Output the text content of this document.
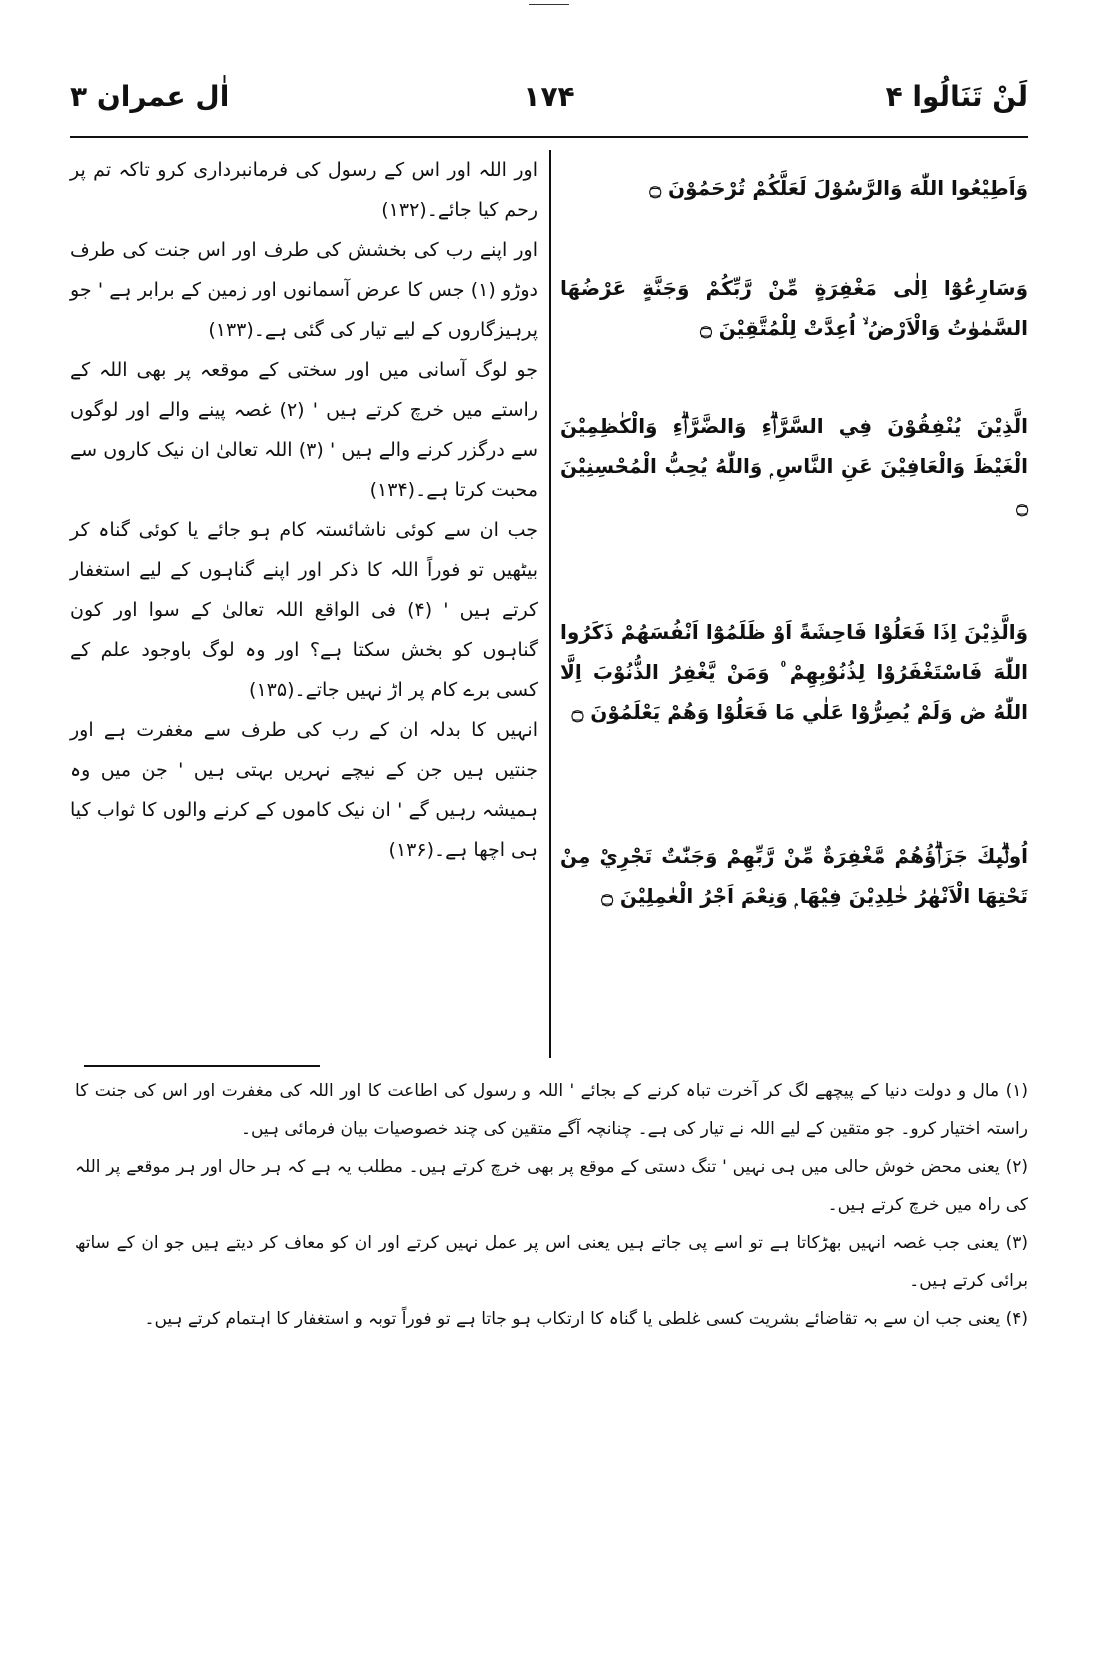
لَنْ تَنَالُوا ۴
۱۷۴
اٰل عمران ۳
وَاَطِيْعُوا اللّٰهَ وَالرَّسُوْلَ لَعَلَّكُمْ تُرْحَمُوْنَ ۝
وَسَارِعُوْٓا اِلٰى مَغْفِرَةٍ مِّنْ رَّبِّكُمْ وَجَنَّةٍ عَرْضُهَا السَّمٰوٰتُ وَالْاَرْضُ ۙ اُعِدَّتْ لِلْمُتَّقِيْنَ ۝
الَّذِيْنَ يُنْفِقُوْنَ فِي السَّرَّاۗءِ وَالضَّرَّاۗءِ وَالْكٰظِمِيْنَ الْغَيْظَ وَالْعَافِيْنَ عَنِ النَّاسِ ۭ وَاللّٰهُ يُحِبُّ الْمُحْسِنِيْنَ ۝
وَالَّذِيْنَ اِذَا فَعَلُوْا فَاحِشَةً اَوْ ظَلَمُوْٓا اَنْفُسَھُمْ ذَكَرُوا اللّٰهَ فَاسْتَغْفَرُوْا لِذُنُوْبِھِمْ ۠ وَمَنْ يَّغْفِرُ الذُّنُوْبَ اِلَّا اللّٰهُ ڞ وَلَمْ يُصِرُّوْا عَلٰي مَا فَعَلُوْا وَھُمْ يَعْلَمُوْنَ ۝
اُولٰۗىِٕكَ جَزَاۗؤُھُمْ مَّغْفِرَةٌ مِّنْ رَّبِّھِمْ وَجَنّٰتٌ تَجْرِيْ مِنْ تَحْتِهَا الْاَنْهٰرُ خٰلِدِيْنَ فِيْهَا ۭ وَنِعْمَ اَجْرُ الْعٰمِلِيْنَ ۝

اور اللہ اور اس کے رسول کی فرمانبرداری کرو تاکہ تم پر رحم کیا جائے۔(۱۳۲)

اور اپنے رب کی بخشش کی طرف اور اس جنت کی طرف دوڑو (۱) جس کا عرض آسمانوں اور زمین کے برابر ہے ' جو پرہیزگاروں کے لیے تیار کی گئی ہے۔(۱۳۳)

جو لوگ آسانی میں اور سختی کے موقعہ پر بھی اللہ کے راستے میں خرچ کرتے ہیں ' (۲) غصہ پینے والے اور لوگوں سے درگزر کرنے والے ہیں ' (۳) اللہ تعالیٰ ان نیک کاروں سے محبت کرتا ہے۔(۱۳۴)

جب ان سے کوئی ناشائستہ کام ہو جائے یا کوئی گناہ کر بیٹھیں تو فوراً اللہ کا ذکر اور اپنے گناہوں کے لیے استغفار کرتے ہیں ' (۴) فی الواقع اللہ تعالیٰ کے سوا اور کون گناہوں کو بخش سکتا ہے؟ اور وہ لوگ باوجود علم کے کسی برے کام پر اڑ نہیں جاتے۔(۱۳۵)

انہیں کا بدلہ ان کے رب کی طرف سے مغفرت ہے اور جنتیں ہیں جن کے نیچے نہریں بہتی ہیں ' جن میں وہ ہمیشہ رہیں گے ' ان نیک کاموں کے کرنے والوں کا ثواب کیا ہی اچھا ہے۔(۱۳۶)

(۱) مال و دولت دنیا کے پیچھے لگ کر آخرت تباہ کرنے کے بجائے ' اللہ و رسول کی اطاعت کا اور اللہ کی مغفرت اور اس کی جنت کا راستہ اختیار کرو۔ جو متقین کے لیے اللہ نے تیار کی ہے۔ چنانچہ آگے متقین کی چند خصوصیات بیان فرمائی ہیں۔

(۲) یعنی محض خوش حالی میں ہی نہیں ' تنگ دستی کے موقع پر بھی خرچ کرتے ہیں۔ مطلب یہ ہے کہ ہر حال اور ہر موقعے پر اللہ کی راہ میں خرچ کرتے ہیں۔

(۳) یعنی جب غصہ انہیں بھڑکاتا ہے تو اسے پی جاتے ہیں یعنی اس پر عمل نہیں کرتے اور ان کو معاف کر دیتے ہیں جو ان کے ساتھ برائی کرتے ہیں۔

(۴) یعنی جب ان سے بہ تقاضائے بشریت کسی غلطی یا گناہ کا ارتکاب ہو جاتا ہے تو فوراً توبہ و استغفار کا اہتمام کرتے ہیں۔
